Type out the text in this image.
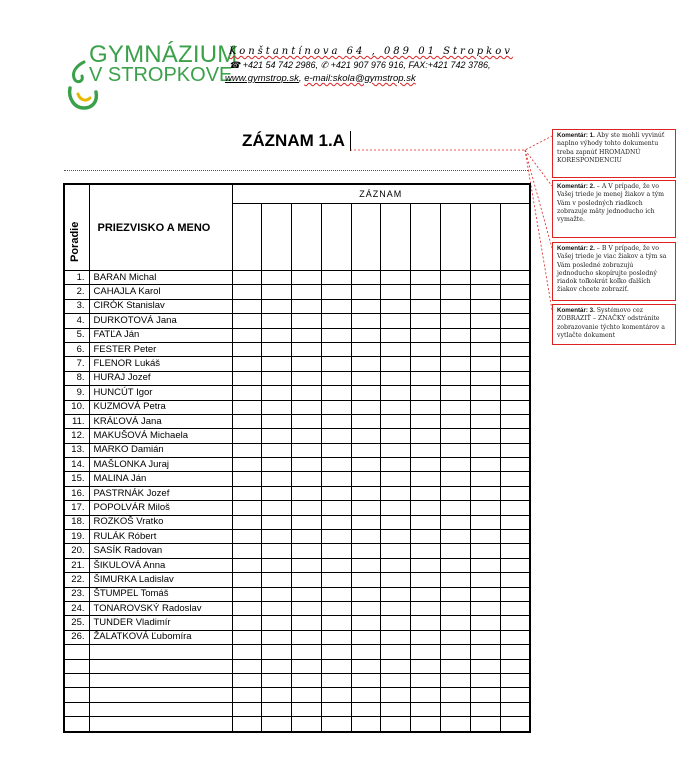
GYMNÁZIUM
V STROPKOVE
Konštantínova 64 , 089 01 Stropkov
☎ +421 54 742 2986, ✆ +421 907 976 916, FAX:+421 742 3786,
www.gymstrop.sk, e-mail:skola@gymstrop.sk
ZÁZNAM 1.A	Komentár: 1. Aby ste mohli vyvinúť naplno výhody tohto dokumentu treba zapnúť HROMADNÚ KORESPONDENCIU
Komentár: 2. – A V prípade, že vo Vašej triede je menej žiakov a tým Vám v posledných riadkoch zobrazuje mäty jednoducho ich vymažte.
Komentár: 2. – B V prípade, že vo Vašej triede je viac žiakov a tým sa Vám posledné zobrazujú jednoducho skopírujte posledný riadok toľkokrát koľko ďalších žiakov chcete zobraziť.
Komentár: 3. Systémovo cez ZOBRAZIŤ – ZNAČKY odstránite zobrazovanie týchto komentárov a vytlačte dokument
Poradie	PRIEZVISKO A MENO	ZÁZNAM									

1.	BARAN Michal										
2.	CAHAJLA Karol										
3.	CIRÓK Stanislav										
4.	DURKOTOVÁ Jana										
5.	FATĽA Ján										
6.	FESTER Peter										
7.	FLENOR Lukáš										
8.	HURAJ Jozef										
9.	HUNCÚT Igor										
10.	KUZMOVÁ Petra										
11.	KRÁĽOVÁ Jana										
12.	MAKUŠOVÁ Michaela										
13.	MARKO Damián										
14.	MAŠLONKA Juraj										
15.	MALINA Ján										
16.	PASTRNÁK Jozef										
17.	POPOLVÁR Miloš										
18.	ROZKOŠ Vratko										
19.	RULÁK Róbert										
20.	SASÍK Radovan										
21.	ŠIKULOVÁ Anna										
22.	ŠIMURKA Ladislav										
23.	ŠTUMPEL Tomáš										
24.	TONAROVSKÝ Radoslav										
25.	TUNDER Vladimír										
26.	ŽALATKOVÁ Ľubomíra										
